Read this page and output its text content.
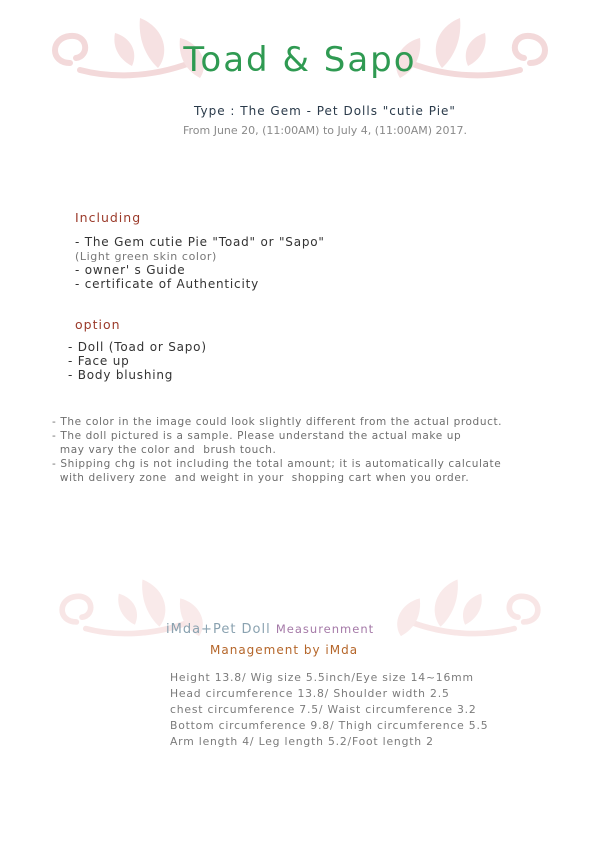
Toad & Sapo
Type : The Gem - Pet Dolls "cutie Pie"
From June 20, (11:00AM) to July 4, (11:00AM) 2017.
Including
- The Gem cutie Pie "Toad" or "Sapo"
(Light green skin color)
- owner' s Guide
- certificate of Authenticity
option
- Doll (Toad or Sapo)
- Face up
- Body blushing
- The color in the image could look slightly different from the actual product.
- The doll pictured is a sample. Please understand the actual make up
may vary the color and  brush touch.
- Shipping chg is not including the total amount; it is automatically calculate
with delivery zone  and weight in your  shopping cart when you order.
iMda+Pet Doll Measurenment
Management by iMda
Height 13.8/ Wig size 5.5inch/Eye size 14~16mm
Head circumference 13.8/ Shoulder width 2.5
chest circumference 7.5/ Waist circumference 3.2
Bottom circumference 9.8/ Thigh circumference 5.5
Arm length 4/ Leg length 5.2/Foot length 2
